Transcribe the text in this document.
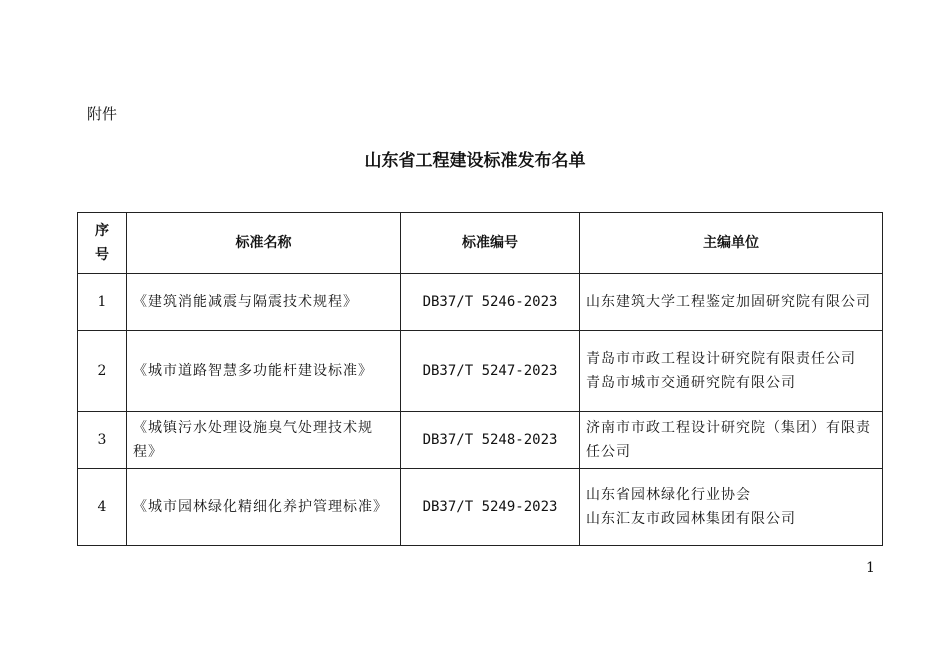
附件
山东省工程建设标准发布名单
序
号	标准名称	标准编号	主编单位
1	《建筑消能减震与隔震技术规程》	DB37/T 5246-2023	山东建筑大学工程鉴定加固研究院有限公司

2	《城市道路智慧多功能杆建设标准》	DB37/T 5247-2023	青岛市市政工程设计研究院有限责任公司
青岛市城市交通研究院有限公司

3	《城镇污水处理设施臭气处理技术规程》	DB37/T 5248-2023	济南市市政工程设计研究院（集团）有限责任公司

4	《城市园林绿化精细化养护管理标准》	DB37/T 5249-2023	山东省园林绿化行业协会
山东汇友市政园林集团有限公司
1
